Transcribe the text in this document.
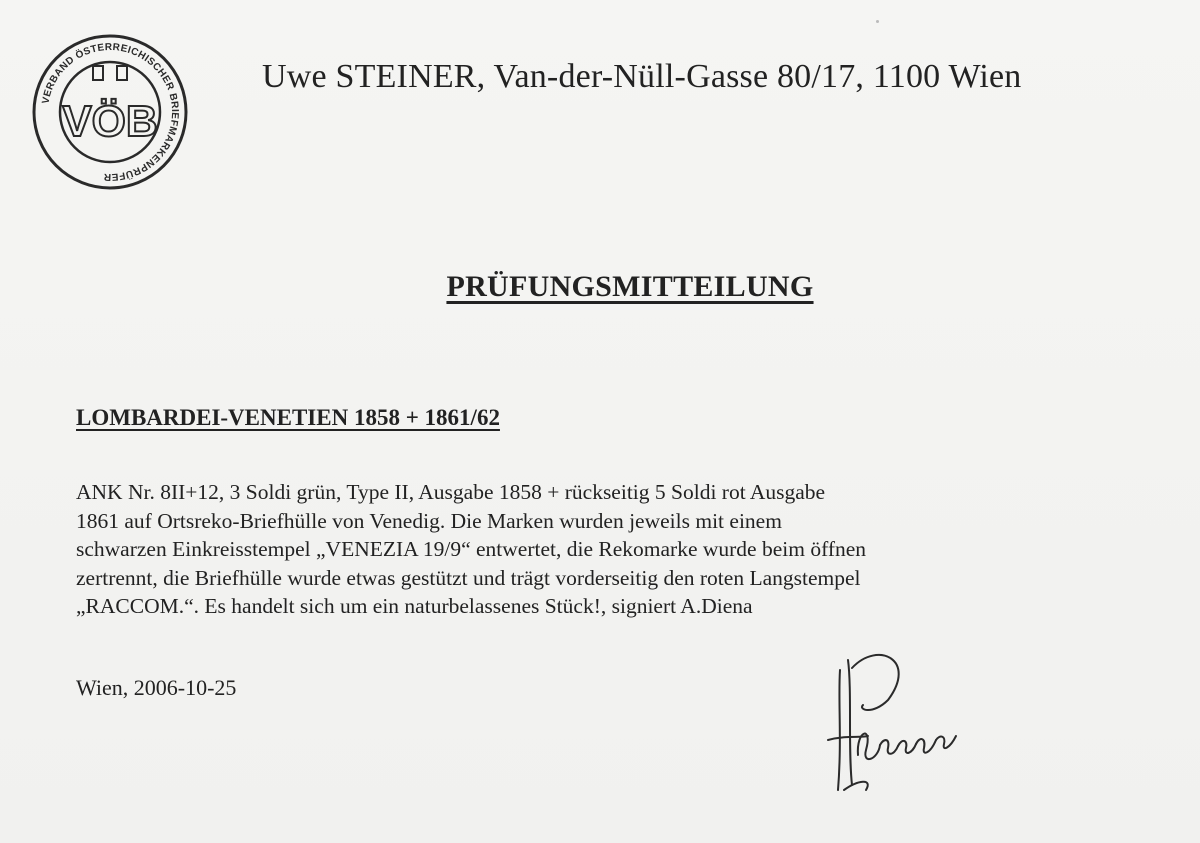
VERBAND ÖSTERREICHISCHER BRIEFMARKENPRÜFER
VÖB
Uwe STEINER, Van-der-Nüll-Gasse 80/17, 1100 Wien
PRÜFUNGSMITTEILUNG
LOMBARDEI-VENETIEN 1858 + 1861/62

ANK Nr. 8II+12, 3 Soldi grün, Type II, Ausgabe 1858 + rückseitig 5 Soldi rot Ausgabe
1861 auf Ortsreko-Briefhülle von Venedig. Die Marken wurden jeweils mit einem
schwarzen Einkreisstempel „VENEZIA 19/9“ entwertet, die Rekomarke wurde beim öffnen
zertrennt, die Briefhülle wurde etwas gestützt und trägt vorderseitig den roten Langstempel
„RACCOM.“. Es handelt sich um ein naturbelassenes Stück!, signiert A.Diena

Wien, 2006-10-25
